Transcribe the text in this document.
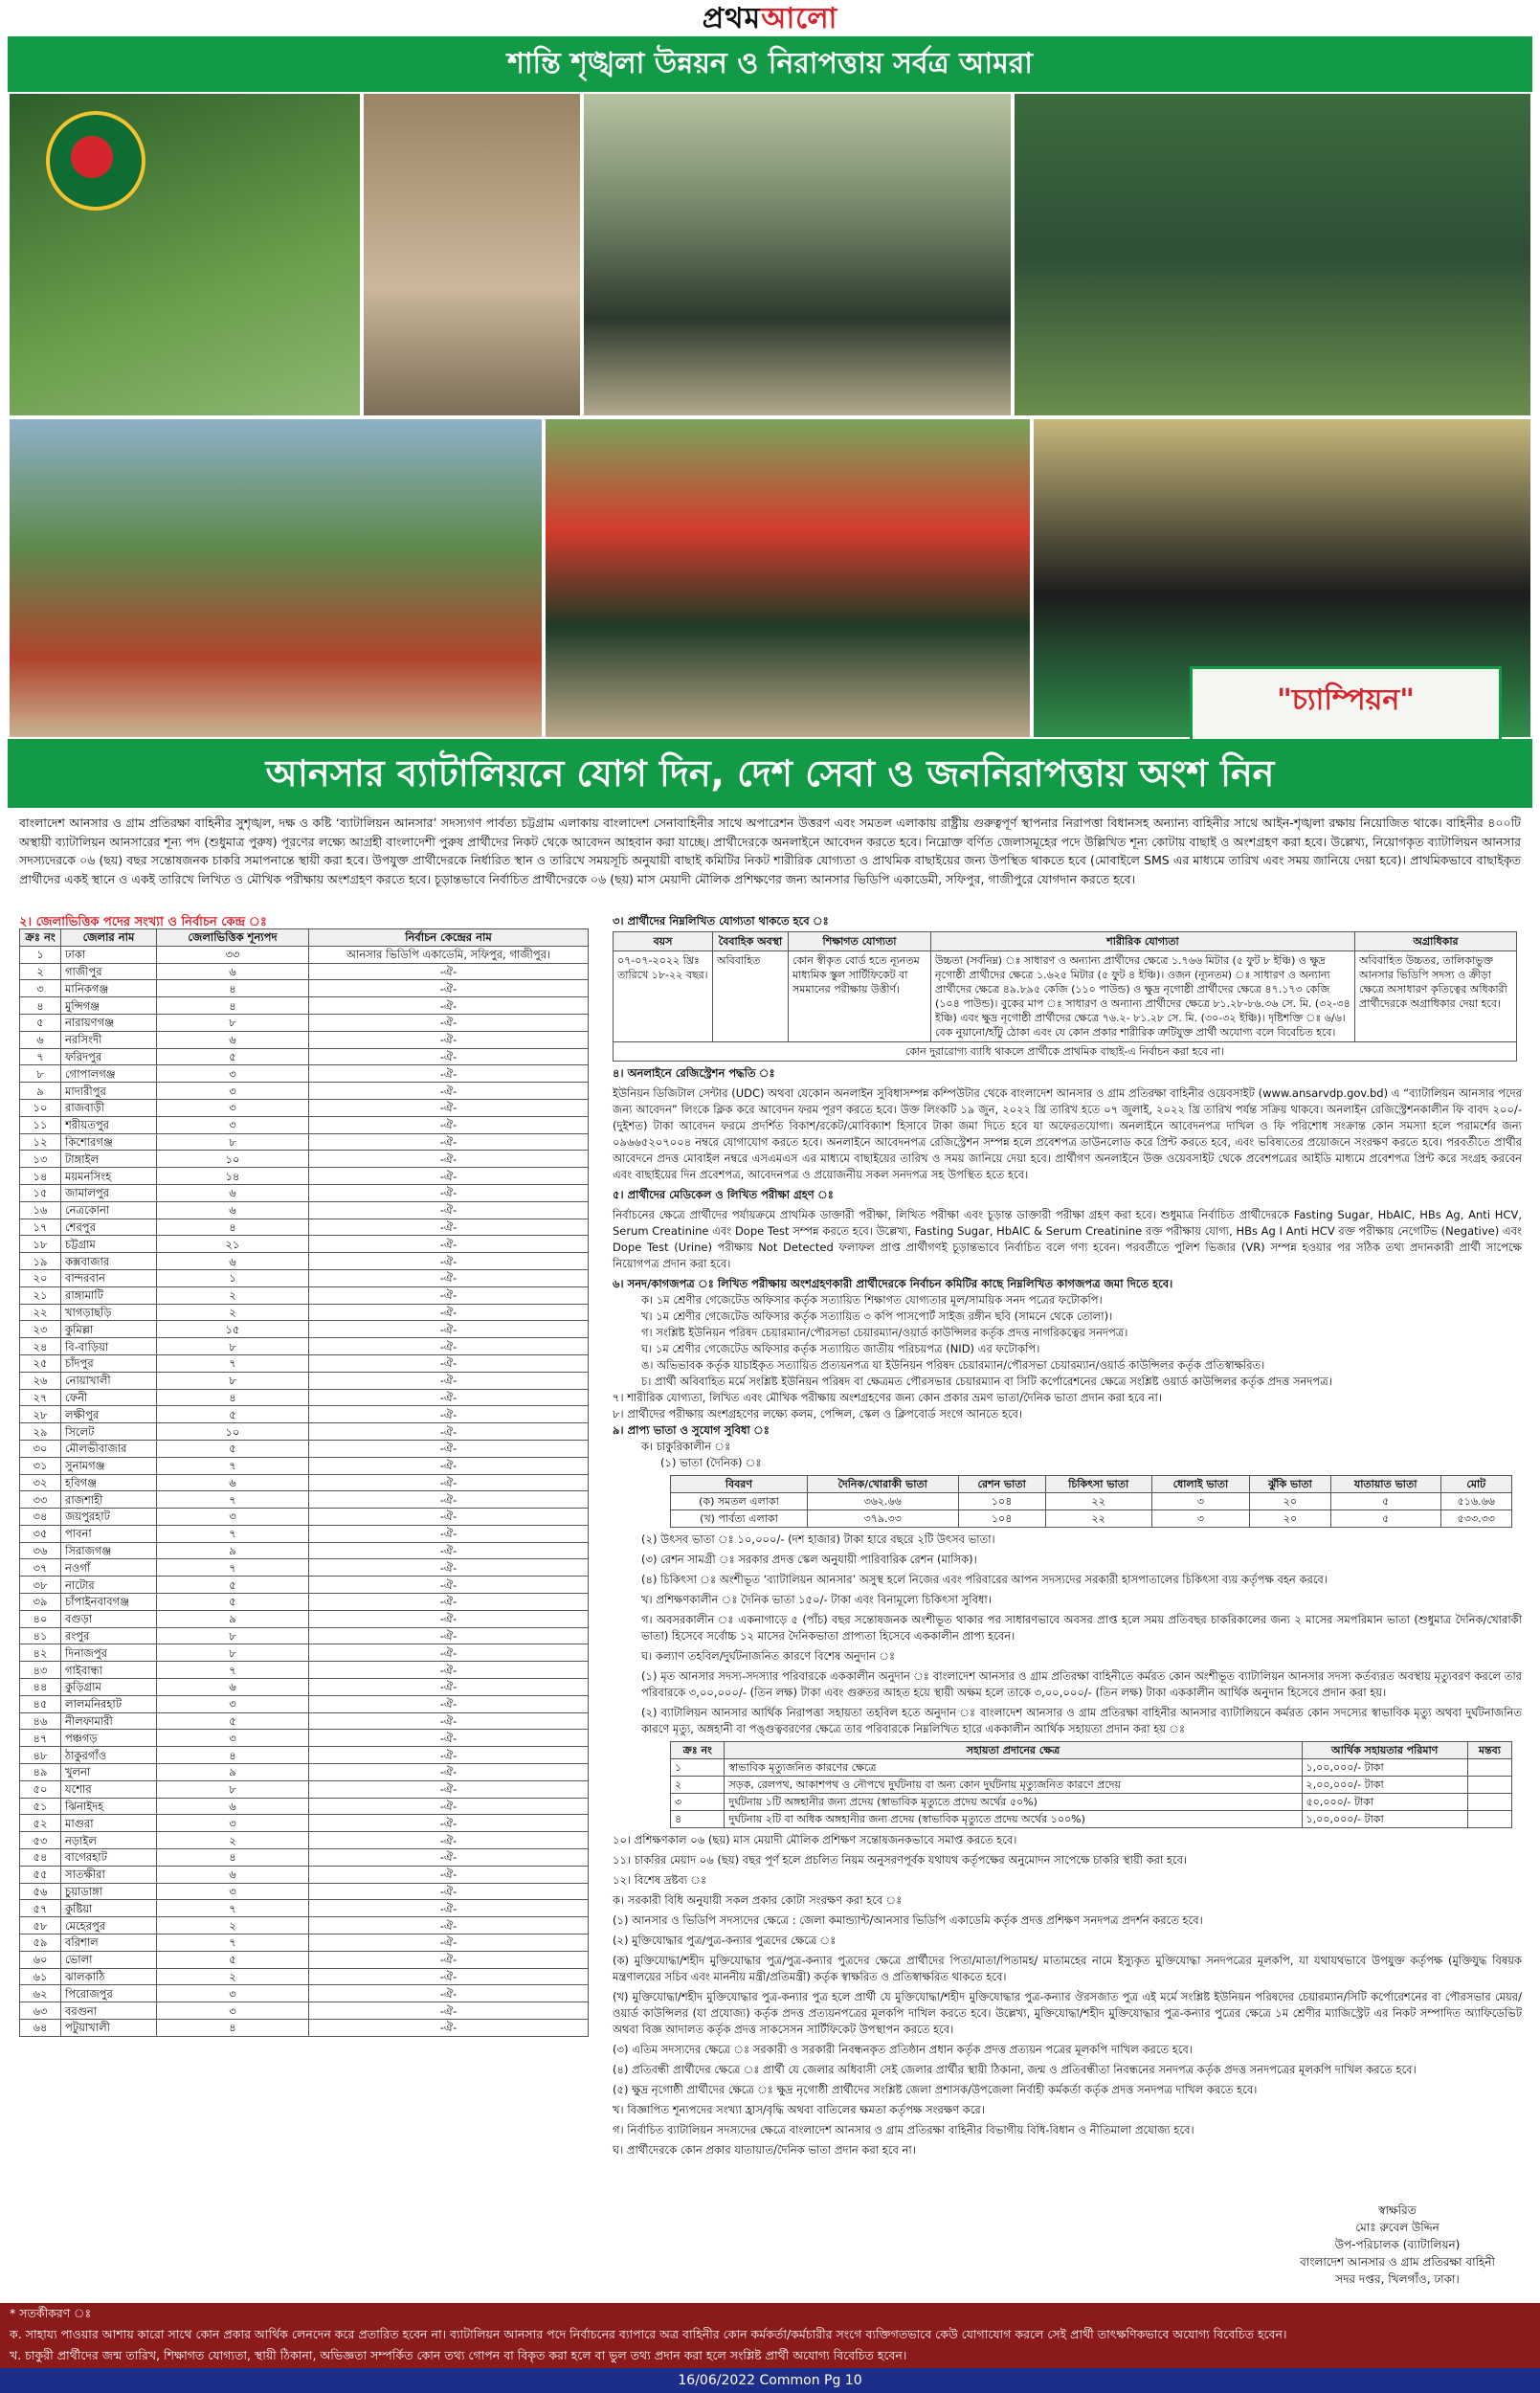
প্রথমআলো
শান্তি শৃঙ্খলা উন্নয়ন ও নিরাপত্তায় সর্বত্র আমরা
"চ্যাম্পিয়ন"
আনসার ব্যাটালিয়নে যোগ দিন, দেশ সেবা ও জননিরাপত্তায় অংশ নিন
বাংলাদেশ আনসার ও গ্রাম প্রতিরক্ষা বাহিনীর সুশৃঙ্খল, দক্ষ ও কষ্টি ‘ব্যাটালিয়ন আনসার’ সদস্যগণ পার্বত্য চট্টগ্রাম এলাকায় বাংলাদেশ সেনাবাহিনীর সাথে অপারেশন উত্তরণ এবং সমতল এলাকায় রাষ্ট্রীয় গুরুত্বপূর্ণ স্থাপনার নিরাপত্তা বিধানসহ অন্যান্য বাহিনীর সাথে আইন-শৃঙ্খলা রক্ষায় নিয়োজিত থাকে। বাহিনীর ৪০০টি অস্থায়ী ব্যাটালিয়ন আনসারের শূন্য পদ (শুধুমাত্র পুরুষ) পূরণের লক্ষ্যে আগ্রহী বাংলাদেশী পুরুষ প্রার্থীদের নিকট থেকে আবেদন আহবান করা যাচ্ছে। প্রার্থীদেরকে অনলাইনে আবেদন করতে হবে। নিম্নোক্ত বর্ণিত জেলাসমূহের পদে উল্লিখিত শূন্য কোটায় বাছাই ও অংশগ্রহণ করা হবে। উল্লেখ্য, নিয়োগকৃত ব্যাটালিয়ন আনসার সদস্যদেরকে ০৬ (ছয়) বছর সন্তোষজনক চাকরি সমাপনান্তে স্থায়ী করা হবে। উপযুক্ত প্রার্থীদেরকে নির্ধারিত স্থান ও তারিখে সময়সূচি অনুযায়ী বাছাই কমিটির নিকট শারীরিক যোগ্যতা ও প্রাথমিক বাছাইয়ের জন্য উপস্থিত থাকতে হবে (মোবাইলে SMS এর মাধ্যমে তারিখ এবং সময় জানিয়ে দেয়া হবে)। প্রাথমিকভাবে বাছাইকৃত প্রার্থীদের একই স্থানে ও একই তারিখে লিখিত ও মৌখিক পরীক্ষায় অংশগ্রহণ করতে হবে। চূড়ান্তভাবে নির্বাচিত প্রার্থীদেরকে ০৬ (ছয়) মাস মেয়াদী মৌলিক প্রশিক্ষণের জন্য আনসার ভিডিপি একাডেমী, সফিপুর, গাজীপুরে যোগদান করতে হবে।
২। জেলাভিত্তিক পদের সংখ্যা ও নির্বাচন কেন্দ্র ঃ
ক্রঃ নং	জেলার নাম	জেলাভিত্তিক শূন্যপদ	নির্বাচন কেন্দ্রের নাম
১	ঢাকা	৩৩	আনসার ভিডিপি একাডেমি, সফিপুর, গাজীপুর।
২	গাজীপুর	৬	-ঐ-
৩	মানিকগঞ্জ	৪	-ঐ-
৪	মুন্সিগঞ্জ	৪	-ঐ-
৫	নারায়ণগঞ্জ	৮	-ঐ-
৬	নরসিংদী	৬	-ঐ-
৭	ফরিদপুর	৫	-ঐ-
৮	গোপালগঞ্জ	৩	-ঐ-
৯	মাদারীপুর	৩	-ঐ-
১০	রাজবাড়ী	৩	-ঐ-
১১	শরীয়তপুর	৩	-ঐ-
১২	কিশোরগঞ্জ	৮	-ঐ-
১৩	টাঙ্গাইল	১০	-ঐ-
১৪	ময়মনসিংহ	১৪	-ঐ-
১৫	জামালপুর	৬	-ঐ-
১৬	নেত্রকোনা	৬	-ঐ-
১৭	শেরপুর	৪	-ঐ-
১৮	চট্টগ্রাম	২১	-ঐ-
১৯	কক্সবাজার	৬	-ঐ-
২০	বান্দরবান	১	-ঐ-
২১	রাঙ্গামাটি	২	-ঐ-
২২	খাগড়াছড়ি	২	-ঐ-
২৩	কুমিল্লা	১৫	-ঐ-
২৪	বি-বাড়িয়া	৮	-ঐ-
২৫	চাঁদপুর	৭	-ঐ-
২৬	নোয়াখালী	৮	-ঐ-
২৭	ফেনী	৪	-ঐ-
২৮	লক্ষীপুর	৫	-ঐ-
২৯	সিলেট	১০	-ঐ-
৩০	মৌলভীবাজার	৫	-ঐ-
৩১	সুনামগঞ্জ	৭	-ঐ-
৩২	হবিগঞ্জ	৬	-ঐ-
৩৩	রাজশাহী	৭	-ঐ-
৩৪	জয়পুরহাট	৩	-ঐ-
৩৫	পাবনা	৭	-ঐ-
৩৬	সিরাজগঞ্জ	৯	-ঐ-
৩৭	নওগাঁ	৭	-ঐ-
৩৮	নাটোর	৫	-ঐ-
৩৯	চাঁপাইনবাবগঞ্জ	৫	-ঐ-
৪০	বগুড়া	৯	-ঐ-
৪১	রংপুর	৮	-ঐ-
৪২	দিনাজপুর	৮	-ঐ-
৪৩	গাইবান্ধা	৭	-ঐ-
৪৪	কুড়িগ্রাম	৬	-ঐ-
৪৫	লালমনিরহাট	৩	-ঐ-
৪৬	নীলফামারী	৫	-ঐ-
৪৭	পঞ্চগড়	৩	-ঐ-
৪৮	ঠাকুরগাঁও	৪	-ঐ-
৪৯	খুলনা	৯	-ঐ-
৫০	যশোর	৮	-ঐ-
৫১	ঝিনাইদহ	৬	-ঐ-
৫২	মাগুরা	৩	-ঐ-
৫৩	নড়াইল	২	-ঐ-
৫৪	বাগেরহাট	৪	-ঐ-
৫৫	সাতক্ষীরা	৬	-ঐ-
৫৬	চুয়াডাঙ্গা	৩	-ঐ-
৫৭	কুষ্টিয়া	৭	-ঐ-
৫৮	মেহেরপুর	২	-ঐ-
৫৯	বরিশাল	৭	-ঐ-
৬০	ভোলা	৫	-ঐ-
৬১	ঝালকাঠি	২	-ঐ-
৬২	পিরোজপুর	৩	-ঐ-
৬৩	বরগুনা	৩	-ঐ-
৬৪	পটুয়াখালী	৪	-ঐ-
৩। প্রার্থীদের নিম্নলিখিত যোগ্যতা থাকতে হবে ঃ
বয়স	বৈবাহিক অবস্থা	শিক্ষাগত যোগ্যতা	শারীরিক যোগ্যতা	অগ্রাধিকার
০৭-০৭-২০২২ খ্রিঃ তারিখে ১৮-২২ বছর।	অবিবাহিত	কোন স্বীকৃত বোর্ড হতে ন্যূনতম মাধ্যমিক স্কুল সার্টিফিকেট বা সমমানের পরীক্ষায় উত্তীর্ণ।	উচ্চতা (সর্বনিম্ন) ঃ সাধারণ ও অন্যান্য প্রার্থীদের ক্ষেত্রে ১.৭৬৬ মিটার (৫ ফুট ৮ ইঞ্চি) ও ক্ষুদ্র নৃগোষ্ঠী প্রার্থীদের ক্ষেত্রে ১.৬২৫ মিটার (৫ ফুট ৪ ইঞ্চি)। ওজন (ন্যূনতম) ঃ সাধারণ ও অন্যান্য প্রার্থীদের ক্ষেত্রে ৪৯.৮৯৫ কেজি (১১০ পাউন্ড) ও ক্ষুদ্র নৃগোষ্ঠী প্রার্থীদের ক্ষেত্রে ৪৭.১৭৩ কেজি (১০৪ পাউন্ড)। বুকের মাপ ঃ সাধারণ ও অন্যান্য প্রার্থীদের ক্ষেত্রে ৮১.২৮-৮৬.৩৬ সে. মি. (৩২-৩৪ ইঞ্চি) এবং ক্ষুদ্র নৃগোষ্ঠী প্রার্থীদের ক্ষেত্রে ৭৬.২- ৮১.২৮ সে. মি. (৩০-৩২ ইঞ্চি)। দৃষ্টিশক্তি ঃ ৬/৬। বেক নুয়ানো/হাঁটু ঠোকা এবং যে কোন প্রকার শারীরিক ত্রুটিযুক্ত প্রার্থী অযোগ্য বলে বিবেচিত হবে।	অবিবাহিত উচ্চতর, তালিকাভুক্ত আনসার ভিডিপি সদস্য ও ক্রীড়া ক্ষেত্রে অসাধারণ কৃতিত্বের অধিকারী প্রার্থীদেরকে অগ্রাধিকার দেয়া হবে।
কোন দুরারোগ্য ব্যাধি থাকলে প্রার্থীকে প্রাথমিক বাছাই-এ নির্বাচন করা হবে না।				
৪। অনলাইনে রেজিস্ট্রেশন পদ্ধতি ঃ
ইউনিয়ন ডিজিটাল সেন্টার (UDC) অথবা যেকোন অনলাইন সুবিধাসম্পন্ন কম্পিউটার থেকে বাংলাদেশ আনসার ও গ্রাম প্রতিরক্ষা বাহিনীর ওয়েবসাইট (www.ansarvdp.gov.bd) এ “ব্যাটালিয়ন আনসার পদের জন্য আবেদন” লিংকে ক্লিক করে আবেদন ফরম পূরণ করতে হবে। উক্ত লিংকটি ১৯ জুন, ২০২২ খ্রি তারিখ হতে ০৭ জুলাই, ২০২২ খ্রি তারিখ পর্যন্ত সক্রিয় থাকবে। অনলাইন রেজিস্ট্রেশনকালীন ফি বাবদ ২০০/- (দুইশত) টাকা আবেদন ফরমে প্রদর্শিত বিকাশ/রকেট/মোবিক্যাশ হিসাবে টাকা জমা দিতে হবে যা অফেরতযোগ্য। অনলাইনে আবেদনপত্র দাখিল ও ফি পরিশোধ সংক্রান্ত কোন সমস্যা হলে পরামর্শের জন্য ০৯৬৬৫২০৭০০৪ নম্বরে যোগাযোগ করতে হবে। অনলাইনে আবেদনপত্র রেজিস্ট্রেশন সম্পন্ন হলে প্রবেশপত্র ডাউনলোড করে প্রিন্ট করতে হবে, এবং ভবিষ্যতের প্রয়োজনে সংরক্ষণ করতে হবে। পরবর্তীতে প্রার্থীর আবেদনে প্রদত্ত মোবাইল নম্বরে এসএমএস এর মাধ্যমে বাছাইয়ের তারিখ ও সময় জানিয়ে দেয়া হবে। প্রার্থীগণ অনলাইনে উক্ত ওয়েবসাইট থেকে প্রবেশপত্রের আইডি মাধ্যমে প্রবেশপত্র প্রিন্ট করে সংগ্রহ করবেন এবং বাছাইয়ের দিন প্রবেশপত্র, আবেদনপত্র ও প্রয়োজনীয় সকল সনদপত্র সহ উপস্থিত হতে হবে।
৫। প্রার্থীদের মেডিকেল ও লিখিত পরীক্ষা গ্রহণ ঃ
নির্বাচনের ক্ষেত্রে প্রার্থীদের পর্যায়ক্রমে প্রাথমিক ডাক্তারী পরীক্ষা, লিখিত পরীক্ষা এবং চূড়ান্ত ডাক্তারী পরীক্ষা গ্রহণ করা হবে। শুধুমাত্র নির্বাচিত প্রার্থীদেরকে Fasting Sugar, HbAIC, HBs Ag, Anti HCV, Serum Creatinine এবং Dope Test সম্পন্ন করতে হবে। উল্লেখ্য, Fasting Sugar, HbAIC & Serum Creatinine রক্ত পরীক্ষায় যোগ্য, HBs Ag I Anti HCV রক্ত পরীক্ষায় নেগেটিভ (Negative) এবং Dope Test (Urine) পরীক্ষায় Not Detected ফলাফল প্রাপ্ত প্রার্থীগণই চূড়ান্তভাবে নির্বাচিত বলে গণ্য হবেন। পরবর্তীতে পুলিশ ভিজার (VR) সম্পন্ন হওয়ার পর সঠিক তথ্য প্রদানকারী প্রার্থী সাপেক্ষে নিয়োগপত্র প্রদান করা হবে।
৬। সনদ/কাগজপত্র ঃ লিখিত পরীক্ষায় অংশগ্রহণকারী প্রার্থীদেরকে নির্বাচন কমিটির কাছে নিম্নলিখিত কাগজপত্র জমা দিতে হবে।
ক। ১ম শ্রেণীর গেজেটেড অফিসার কর্তৃক সত্যায়িত শিক্ষাগত যোগ্যতার মূল/সাময়িক সনদ পত্রের ফটোকপি।
খ। ১ম শ্রেণীর গেজেটেড অফিসার কর্তৃক সত্যায়িত ৩ কপি পাসপোর্ট সাইজ রঙ্গীন ছবি (সামনে থেকে তোলা)।
গ। সংশ্লিষ্ট ইউনিয়ন পরিষদ চেয়ারম্যান/পৌরসভা চেয়ারম্যান/ওয়ার্ড কাউন্সিলর কর্তৃক প্রদত্ত নাগরিকত্বের সনদপত্র।
ঘ। ১ম শ্রেণীর গেজেটেড অফিসার কর্তৃক সত্যায়িত জাতীয় পরিচয়পত্র (NID) এর ফটোকপি।
ঙ। অভিভাবক কর্তৃক যাচাইকৃত সত্যায়িত প্রত্যয়নপত্র যা ইউনিয়ন পরিষদ চেয়ারম্যান/পৌরসভা চেয়ারম্যান/ওয়ার্ড কাউন্সিলর কর্তৃক প্রতিস্বাক্ষরিত।
চ। প্রার্থী অবিবাহিত মর্মে সংশ্লিষ্ট ইউনিয়ন পরিষদ বা ক্ষেত্রমত পৌরসভার চেয়ারম্যান বা সিটি কর্পোরেশনের ক্ষেত্রে সংশ্লিষ্ট ওয়ার্ড কাউন্সিলর কর্তৃক প্রদত্ত সনদপত্র।
৭। শারীরিক যোগ্যতা, লিখিত এবং মৌখিক পরীক্ষায় অংশগ্রহণের জন্য কোন প্রকার ভ্রমণ ভাতা/দৈনিক ভাতা প্রদান করা হবে না।
৮। প্রার্থীদের পরীক্ষায় অংশগ্রহণের লক্ষ্যে কলম, পেন্সিল, স্কেল ও ক্লিপবোর্ড সংগে আনতে হবে।
৯। প্রাপ্য ভাতা ও সুযোগ সুবিধা ঃ
ক। চাকুরিকালীন ঃ
(১) ভাতা (দৈনিক) ঃ
বিবরণ	দৈনিক/খোরাকী ভাতা	রেশন ভাতা	চিকিৎসা ভাতা	ধোলাই ভাতা	ঝুঁকি ভাতা	যাতায়াত ভাতা	মোট
(ক) সমতল এলাকা	৩৬২.৬৬	১০৪	২২	৩	২০	৫	৫১৬.৬৬
(খ) পার্বত্য এলাকা	৩৭৯.৩৩	১০৪	২২	৩	২০	৫	৫৩৩.৩৩
(২) উৎসব ভাতা ঃ ১০,০০০/- (দশ হাজার) টাকা হারে বছরে ২টি উৎসব ভাতা।
(৩) রেশন সামগ্রী ঃ সরকার প্রদত্ত স্কেল অনুযায়ী পারিবারিক রেশন (মাসিক)।
(৪) চিকিৎসা ঃ অংশীভূত ‘ব্যাটালিয়ন আনসার’ অসুস্থ হলে নিজের এবং পরিবারের আপন সদস্যদের সরকারী হাসপাতালের চিকিৎসা ব্যয় কর্তৃপক্ষ বহন করবে।
খ। প্রশিক্ষণকালীন ঃ দৈনিক ভাতা ১৫০/- টাকা এবং বিনামূল্যে চিকিৎসা সুবিধা।
গ। অবসরকালীন ঃ একনাগাড়ে ৫ (পাঁচ) বছর সন্তোষজনক অংশীভূত থাকার পর সাধারণভাবে অবসর প্রাপ্ত হলে সময় প্রতিবছর চাকরিকালের জন্য ২ মাসের সমপরিমান ভাতা (শুধুমাত্র দৈনিক/খোরাকী ভাতা) হিসেবে সর্বোচ্চ ১২ মাসের দৈনিকভাতা প্রাপ্যতা হিসেবে এককালীন প্রাপ্য হবেন।
ঘ। কল্যাণ তহবিল/দুর্ঘটনাজনিত কারণে বিশেষ অনুদান ঃ
(১) মৃত আনসার সদস্য-সদস্যার পরিবারকে এককালীন অনুদান ঃ বাংলাদেশ আনসার ও গ্রাম প্রতিরক্ষা বাহিনীতে কর্মরত কোন অংশীভূত ব্যাটালিয়ন আনসার সদস্য কর্তব্যরত অবস্থায় মৃত্যুবরণ করলে তার পরিবারকে ৩,০০,০০০/- (তিন লক্ষ) টাকা এবং গুরুতর আহত হয়ে স্থায়ী অক্ষম হলে তাকে ৩,০০,০০০/- (তিন লক্ষ) টাকা এককালীন আর্থিক অনুদান হিসেবে প্রদান করা হয়।
(২) ব্যাটালিয়ন আনসার আর্থিক নিরাপত্তা সহায়তা তহবিল হতে অনুদান ঃ বাংলাদেশ আনসার ও গ্রাম প্রতিরক্ষা বাহিনীর আনসার ব্যাটালিয়নে কর্মরত কোন সদস্যের স্বাভাবিক মৃত্যু অথবা দুর্ঘটনাজনিত কারণে মৃত্যু, অঙ্গহানী বা পঙ্গুত্ববরণের ক্ষেত্রে তার পরিবারকে নিম্নলিখিত হারে এককালীন আর্থিক সহায়তা প্রদান করা হয় ঃ
ক্রঃ নং	সহায়তা প্রদানের ক্ষেত্র	আর্থিক সহায়তার পরিমাণ	মন্তব্য
১	স্বাভাবিক মৃত্যুজনিত কারণের ক্ষেত্রে	১,০০,০০০/- টাকা	
২	সড়ক, রেলপথ, আকাশপথ ও নৌপথে দুর্ঘটনায় বা অন্য কোন দুর্ঘটনায় মৃত্যুজনিত কারণে প্রদেয়	২,০০,০০০/- টাকা	
৩	দুর্ঘটনায় ১টি অঙ্গহানীর জন্য প্রদেয় (স্বাভাবিক মৃত্যুতে প্রদেয় অর্থের ৫০%)	৫০,০০০/- টাকা	
৪	দুর্ঘটনায় ২টি বা অধিক অঙ্গহানীর জন্য প্রদেয় (স্বাভাবিক মৃত্যুতে প্রদেয় অর্থের ১০০%)	১,০০,০০০/- টাকা	
১০। প্রশিক্ষণকাল ০৬ (ছয়) মাস মেয়াদী মৌলিক প্রশিক্ষণ সন্তোষজনকভাবে সমাপ্ত করতে হবে।
১১। চাকরির মেয়াদ ০৬ (ছয়) বছর পূর্ণ হলে প্রচলিত নিয়ম অনুসরণপূর্বক যথাযথ কর্তৃপক্ষের অনুমোদন সাপেক্ষে চাকরি স্থায়ী করা হবে।
১২। বিশেষ দ্রষ্টব্য ঃ
ক। সরকারী বিধি অনুযায়ী সকল প্রকার কোটা সংরক্ষণ করা হবে ঃ
(১) আনসার ও ভিডিপি সদস্যদের ক্ষেত্রে : জেলা কমান্ড্যান্ট/আনসার ভিডিপি একাডেমি কর্তৃক প্রদত্ত প্রশিক্ষণ সনদপত্র প্রদর্শন করতে হবে।
(২) মুক্তিযোদ্ধার পুত্র/পুত্র-কন্যার পুত্রদের ক্ষেত্রে ঃ
(ক) মুক্তিযোদ্ধা/শহীদ মুক্তিযোদ্ধার পুত্র/পুত্র-কন্যার পুত্রদের ক্ষেত্রে প্রার্থীদের পিতা/মাতা/পিতামহ/ মাতামহের নামে ইস্যুকৃত মুক্তিযোদ্ধা সনদপত্রের মূলকপি, যা যথাযথভাবে উপযুক্ত কর্তৃপক্ষ (মুক্তিযুদ্ধ বিষয়ক মন্ত্রণালয়ের সচিব এবং মাননীয় মন্ত্রী/প্রতিমন্ত্রী) কর্তৃক স্বাক্ষরিত ও প্রতিস্বাক্ষরিত থাকতে হবে।
(খ) মুক্তিযোদ্ধা/শহীদ মুক্তিযোদ্ধার পুত্র-কন্যার পুত্র হলে প্রার্থী যে মুক্তিযোদ্ধা/শহীদ মুক্তিযোদ্ধার পুত্র-কন্যার ঔরসজাত পুত্র এই মর্মে সংশ্লিষ্ট ইউনিয়ন পরিষদের চেয়ারম্যান/সিটি কর্পোরেশনের বা পৌরসভার মেয়র/ওয়ার্ড কাউন্সিলর (যা প্রযোজ্য) কর্তৃক প্রদত্ত প্রত্যয়নপত্রের মূলকপি দাখিল করতে হবে। উল্লেখ্য, মুক্তিযোদ্ধা/শহীদ মুক্তিযোদ্ধার পুত্র-কন্যার পুত্রের ক্ষেত্রে ১ম শ্রেণীর ম্যাজিস্ট্রেট এর নিকট সম্পাদিত অ্যাফিডেভিট অথবা বিজ্ঞ আদালত কর্তৃক প্রদত্ত সাকসেসন সার্টিফিকেট উপস্থাপন করতে হবে।
(৩) এতিম সদস্যদের ক্ষেত্রে ঃ সরকারী ও সরকারী নিবন্ধনকৃত প্রতিষ্ঠান প্রধান কর্তৃক প্রদত্ত প্রত্যয়ন পত্রের মূলকপি দাখিল করতে হবে।
(৪) প্রতিবন্ধী প্রার্থীদের ক্ষেত্রে ঃ প্রার্থী যে জেলার অধিবাসী সেই জেলার প্রার্থীর স্থায়ী ঠিকানা, জন্ম ও প্রতিবন্ধীতা নিবন্ধনের সনদপত্র কর্তৃক প্রদত্ত সনদপত্রের মূলকপি দাখিল করতে হবে।
(৫) ক্ষুদ্র নৃগোষ্ঠী প্রার্থীদের ক্ষেত্রে ঃ ক্ষুদ্র নৃগোষ্ঠী প্রার্থীদের সংশ্লিষ্ট জেলা প্রশাসক/উপজেলা নির্বাহী কর্মকর্তা কর্তৃক প্রদত্ত সনদপত্র দাখিল করতে হবে।
খ। বিজ্ঞাপিত শূন্যপদের সংখ্যা হ্রাস/বৃদ্ধি অথবা বাতিলের ক্ষমতা কর্তৃপক্ষ সংরক্ষণ করে।
গ। নির্বাচিত ব্যাটালিয়ন সদস্যদের ক্ষেত্রে বাংলাদেশ আনসার ও গ্রাম প্রতিরক্ষা বাহিনীর বিভাগীয় বিধি-বিধান ও নীতিমালা প্রযোজ্য হবে।
ঘ। প্রার্থীদেরকে কোন প্রকার যাতায়াত/দৈনিক ভাতা প্রদান করা হবে না।
স্বাক্ষরিত
মোঃ রুবেল উদ্দিন
উপ-পরিচালক (ব্যাটালিয়ন)
বাংলাদেশ আনসার ও গ্রাম প্রতিরক্ষা বাহিনী
সদর দপ্তর, খিলগাঁও, ঢাকা।
* সতর্কীকরণ ঃ
ক. সাহায্য পাওয়ার আশায় কারো সাথে কোন প্রকার আর্থিক লেনদেন করে প্রতারিত হবেন না। ব্যাটালিয়ন আনসার পদে নির্বাচনের ব্যাপারে অত্র বাহিনীর কোন কর্মকর্তা/কর্মচারীর সংগে ব্যক্তিগতভাবে কেউ যোগাযোগ করলে সেই প্রার্থী তাৎক্ষণিকভাবে অযোগ্য বিবেচিত হবেন।
খ. চাকুরী প্রার্থীদের জন্ম তারিখ, শিক্ষাগত যোগ্যতা, স্থায়ী ঠিকানা, অভিজ্ঞতা সম্পর্কিত কোন তথ্য গোপন বা বিকৃত করা হলে বা ভুল তথ্য প্রদান করা হলে সংশ্লিষ্ট প্রার্থী অযোগ্য বিবেচিত হবেন।
16/06/2022 Common Pg 10
